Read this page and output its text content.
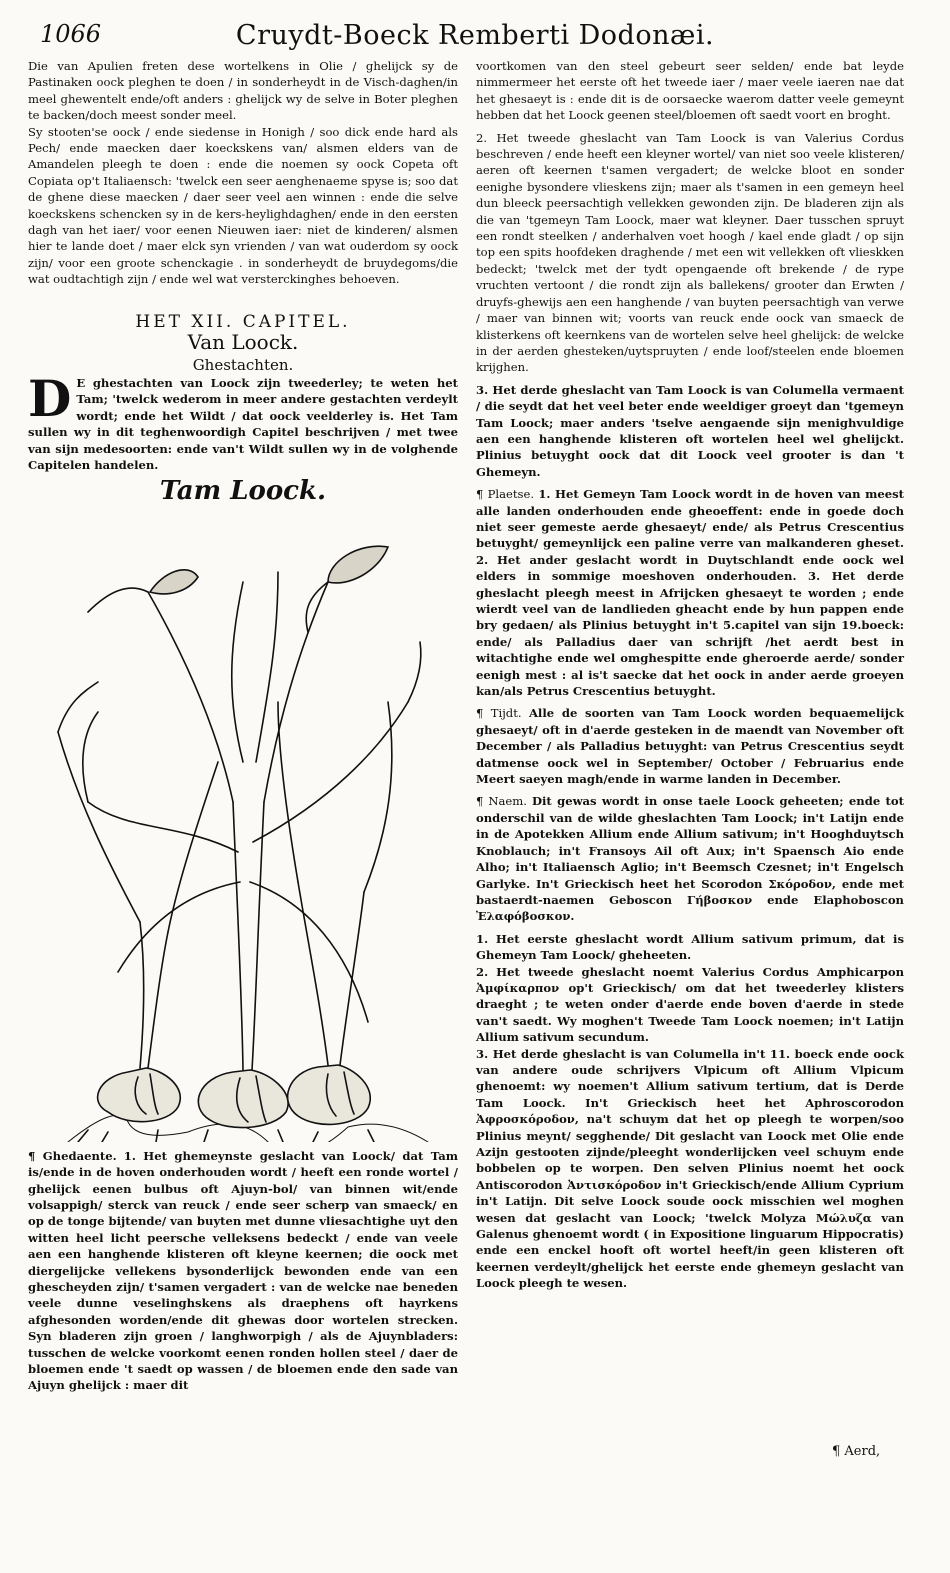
1066	Cruydt-Boeck Remberti Dodonæi.

Die van Apulien freten dese wortelkens in Olie / ghelijck sy de Pastinaken oock pleghen te doen / in sonderheydt in de Visch-daghen/in meel ghewentelt ende/oft anders : ghelijck wy de selve in Boter pleghen te backen/doch meest sonder meel.

Sy stooten'se oock / ende siedense in Honigh / soo dick ende hard als Pech/ ende maecken daer koeckskens van/ alsmen elders van de Amandelen pleegh te doen : ende die noemen sy oock Copeta oft Copiata op't Italiaensch: 'twelck een seer aenghenaeme spyse is; soo dat de ghene diese maecken / daer seer veel aen winnen : ende die selve koeckskens schencken sy in de kers-heylighdaghen/ ende in den eersten dagh van het iaer/ voor eenen Nieuwen iaer: niet de kinderen/ alsmen hier te lande doet / maer elck syn vrienden / van wat ouderdom sy oock zijn/ voor een groote schenckagie . in sonderheydt de bruydegoms/die wat oudtachtigh zijn / ende wel wat versterckinghes behoeven.

HET XII. CAPITEL.
Van Loock.
Ghestachten.

D E ghestachten van Loock zijn tweederley; te weten het Tam; 'twelck wederom in meer andere gestachten verdeylt wordt; ende het Wildt / dat oock veelderley is. Het Tam sullen wy in dit teghenwoordigh Capitel beschrijven / met twee van sijn medesoorten: ende van't Wildt sullen wy in de volghende Capitelen handelen.

Tam Loock.

¶ Ghedaente. 1. Het ghemeynste geslacht van Loock/ dat Tam is/ende in de hoven onderhouden wordt / heeft een ronde wortel / ghelijck eenen bulbus oft Ajuyn-bol/ van binnen wit/ende volsappigh/ sterck van reuck / ende seer scherp van smaeck/ en op de tonge bijtende/ van buyten met dunne vliesachtighe uyt den witten heel licht peersche velleksens bedeckt / ende van veele aen een hanghende klisteren oft kleyne keernen; die oock met diergelijcke vellekens bysonderlijck bewonden ende van een ghescheyden zijn/ t'samen vergadert : van de welcke nae beneden veele dunne veselinghskens als draephens oft hayrkens afghesonden worden/ende dit ghewas door wortelen strecken. Syn bladeren zijn groen / langhworpigh / als de Ajuynbladers: tusschen de welcke voorkomt eenen ronden hollen steel / daer de bloemen ende 't saedt op wassen / de bloemen ende den sade van Ajuyn ghelijck : maer dit

voortkomen van den steel gebeurt seer selden/ ende bat leyde nimmermeer het eerste oft het tweede iaer / maer veele iaeren nae dat het ghesaeyt is : ende dit is de oorsaecke waerom datter veele gemeynt hebben dat het Loock geenen steel/bloemen oft saedt voort en broght.

2. Het tweede gheslacht van Tam Loock is van Valerius Cordus beschreven / ende heeft een kleyner wortel/ van niet soo veele klisteren/ aeren oft keernen t'samen vergadert; de welcke bloot en sonder eenighe bysondere vlieskens zijn; maer als t'samen in een gemeyn heel dun bleeck peersachtigh vellekken gewonden zijn. De bladeren zijn als die van 'tgemeyn Tam Loock, maer wat kleyner. Daer tusschen spruyt een rondt steelken / anderhalven voet hoogh / kael ende gladt / op sijn top een spits hoofdeken draghende / met een wit vellekken oft vlieskken bedeckt; 'twelck met der tydt opengaende oft brekende / de rype vruchten vertoont / die rondt zijn als ballekens/ grooter dan Erwten / druyfs-ghewijs aen een hanghende / van buyten peersachtigh van verwe / maer van binnen wit; voorts van reuck ende oock van smaeck de klisterkens oft keernkens van de wortelen selve heel ghelijck: de welcke in der aerden ghesteken/uytspruyten / ende loof/steelen ende bloemen krijghen.

3. Het derde gheslacht van Tam Loock is van Columella vermaent / die seydt dat het veel beter ende weeldiger groeyt dan 'tgemeyn Tam Loock; maer anders 'tselve aengaende sijn menighvuldige aen een hanghende klisteren oft wortelen heel wel ghelijckt. Plinius betuyght oock dat dit Loock veel grooter is dan 't Ghemeyn.

¶ Plaetse. 1. Het Gemeyn Tam Loock wordt in de hoven van meest alle landen onderhouden ende gheoeffent: ende in goede doch niet seer gemeste aerde ghesaeyt/ ende/ als Petrus Crescentius betuyght/ gemeynlijck een paline verre van malkanderen gheset. 2. Het ander geslacht wordt in Duytschlandt ende oock wel elders in sommige moeshoven onderhouden. 3. Het derde gheslacht pleegh meest in Afrijcken ghesaeyt te worden ; ende wierdt veel van de landlieden gheacht ende by hun pappen ende bry gedaen/ als Plinius betuyght in't 5.capitel van sijn 19.boeck: ende/ als Palladius daer van schrijft /het aerdt best in witachtighe ende wel omghespitte ende gheroerde aerde/ sonder eenigh mest : al is't saecke dat het oock in ander aerde groeyen kan/als Petrus Crescentius betuyght.

¶ Tijdt. Alle de soorten van Tam Loock worden bequaemelijck ghesaeyt/ oft in d'aerde gesteken in de maendt van November oft December / als Palladius betuyght: van Petrus Crescentius seydt datmense oock wel in September/ October / Februarius ende Meert saeyen magh/ende in warme landen in December.

¶ Naem. Dit gewas wordt in onse taele Loock geheeten; ende tot onderschil van de wilde gheslachten Tam Loock; in't Latijn ende in de Apotekken Allium ende Allium sativum; in't Hooghduytsch Knoblauch; in't Fransoys Ail oft Aux; in't Spaensch Aio ende Alho; in't Italiaensch Aglio; in't Beemsch Czesnet; in't Engelsch Garlyke. In't Grieckisch heet het Scorodon Σκόροδον, ende met bastaerdt-naemen Geboscon Γήβοσκον ende Elaphoboscon Ἐλαφόβοσκον.

1. Het eerste gheslacht wordt Allium sativum primum, dat is Ghemeyn Tam Loock/ gheheeten.

2. Het tweede gheslacht noemt Valerius Cordus Amphicarpon Ἀμφίκαρπον op't Grieckisch/ om dat het tweederley klisters draeght ; te weten onder d'aerde ende boven d'aerde in stede van't saedt. Wy moghen't Tweede Tam Loock noemen; in't Latijn Allium sativum secundum.

3. Het derde gheslacht is van Columella in't 11. boeck ende oock van andere oude schrijvers Vlpicum oft Allium Vlpicum ghenoemt: wy noemen't Allium sativum tertium, dat is Derde Tam Loock. In't Grieckisch heet het Aphroscorodon Ἀφροσκόροδον, na't schuym dat het op pleegh te worpen/soo Plinius meynt/ segghende/ Dit geslacht van Loock met Olie ende Azijn gestooten zijnde/pleeght wonderlijcken veel schuym ende bobbelen op te worpen. Den selven Plinius noemt het oock Antiscorodon Ἀντισκόροδον in't Grieckisch/ende Allium Cyprium in't Latijn. Dit selve Loock soude oock misschien wel moghen wesen dat geslacht van Loock; 'twelck Molyza Μώλυζα van Galenus ghenoemt wordt ( in Expositione linguarum Hippocratis) ende een enckel hooft oft wortel heeft/in geen klisteren oft keernen verdeylt/ghelijck het eerste ende ghemeyn geslacht van Loock pleegh te wesen.

¶ Aerd,
